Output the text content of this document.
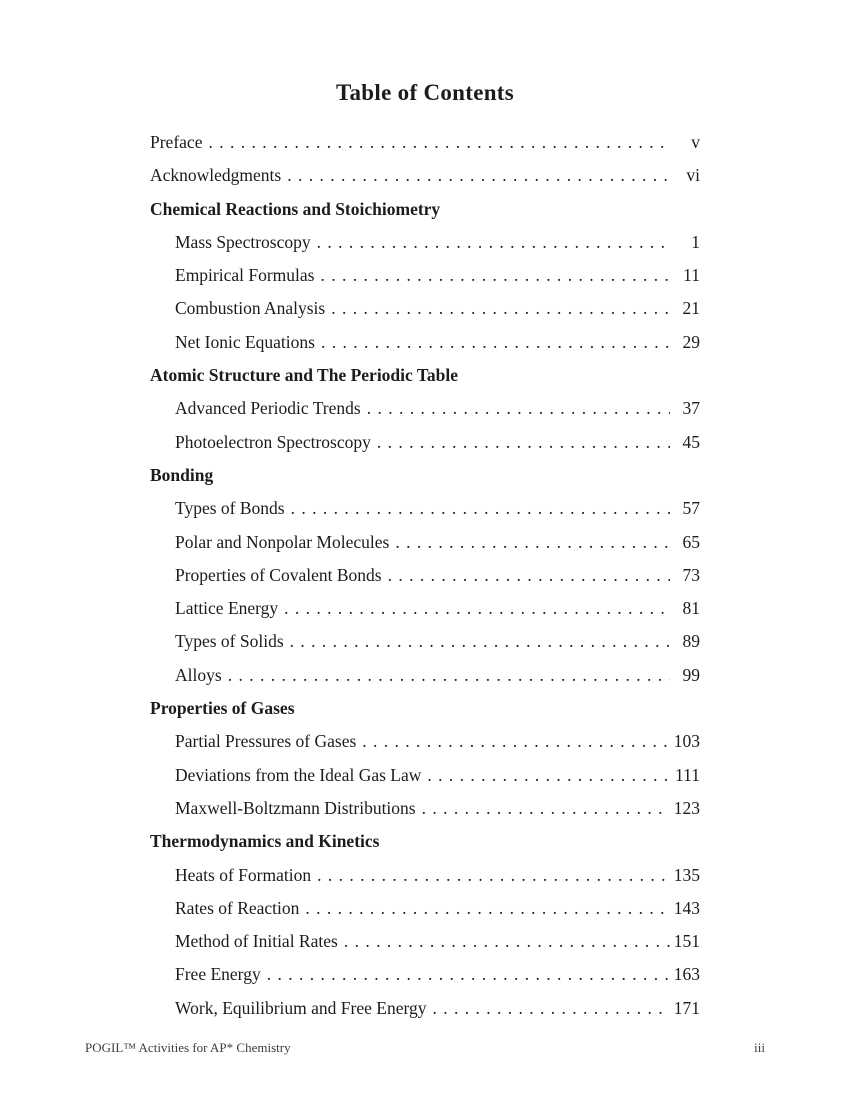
Table of Contents
Preface . . .	v
Acknowledgments . . .	vi
Chemical Reactions and Stoichiometry
Mass Spectroscopy . . .	1
Empirical Formulas . . .	11
Combustion Analysis . . .	21
Net Ionic Equations . . .	29
Atomic Structure and The Periodic Table
Advanced Periodic Trends . . .	37
Photoelectron Spectroscopy . . .	45
Bonding
Types of Bonds . . .	57
Polar and Nonpolar Molecules . . .	65
Properties of Covalent Bonds . . .	73
Lattice Energy . . .	81
Types of Solids . . .	89
Alloys . . .	99
Properties of Gases
Partial Pressures of Gases . . .	103
Deviations from the Ideal Gas Law . . .	111
Maxwell-Boltzmann Distributions . . .	123
Thermodynamics and Kinetics
Heats of Formation . . .	135
Rates of Reaction . . .	143
Method of Initial Rates . . .	151
Free Energy . . .	163
Work, Equilibrium and Free Energy . . .	171
POGIL™ Activities for AP* Chemistry	iii
